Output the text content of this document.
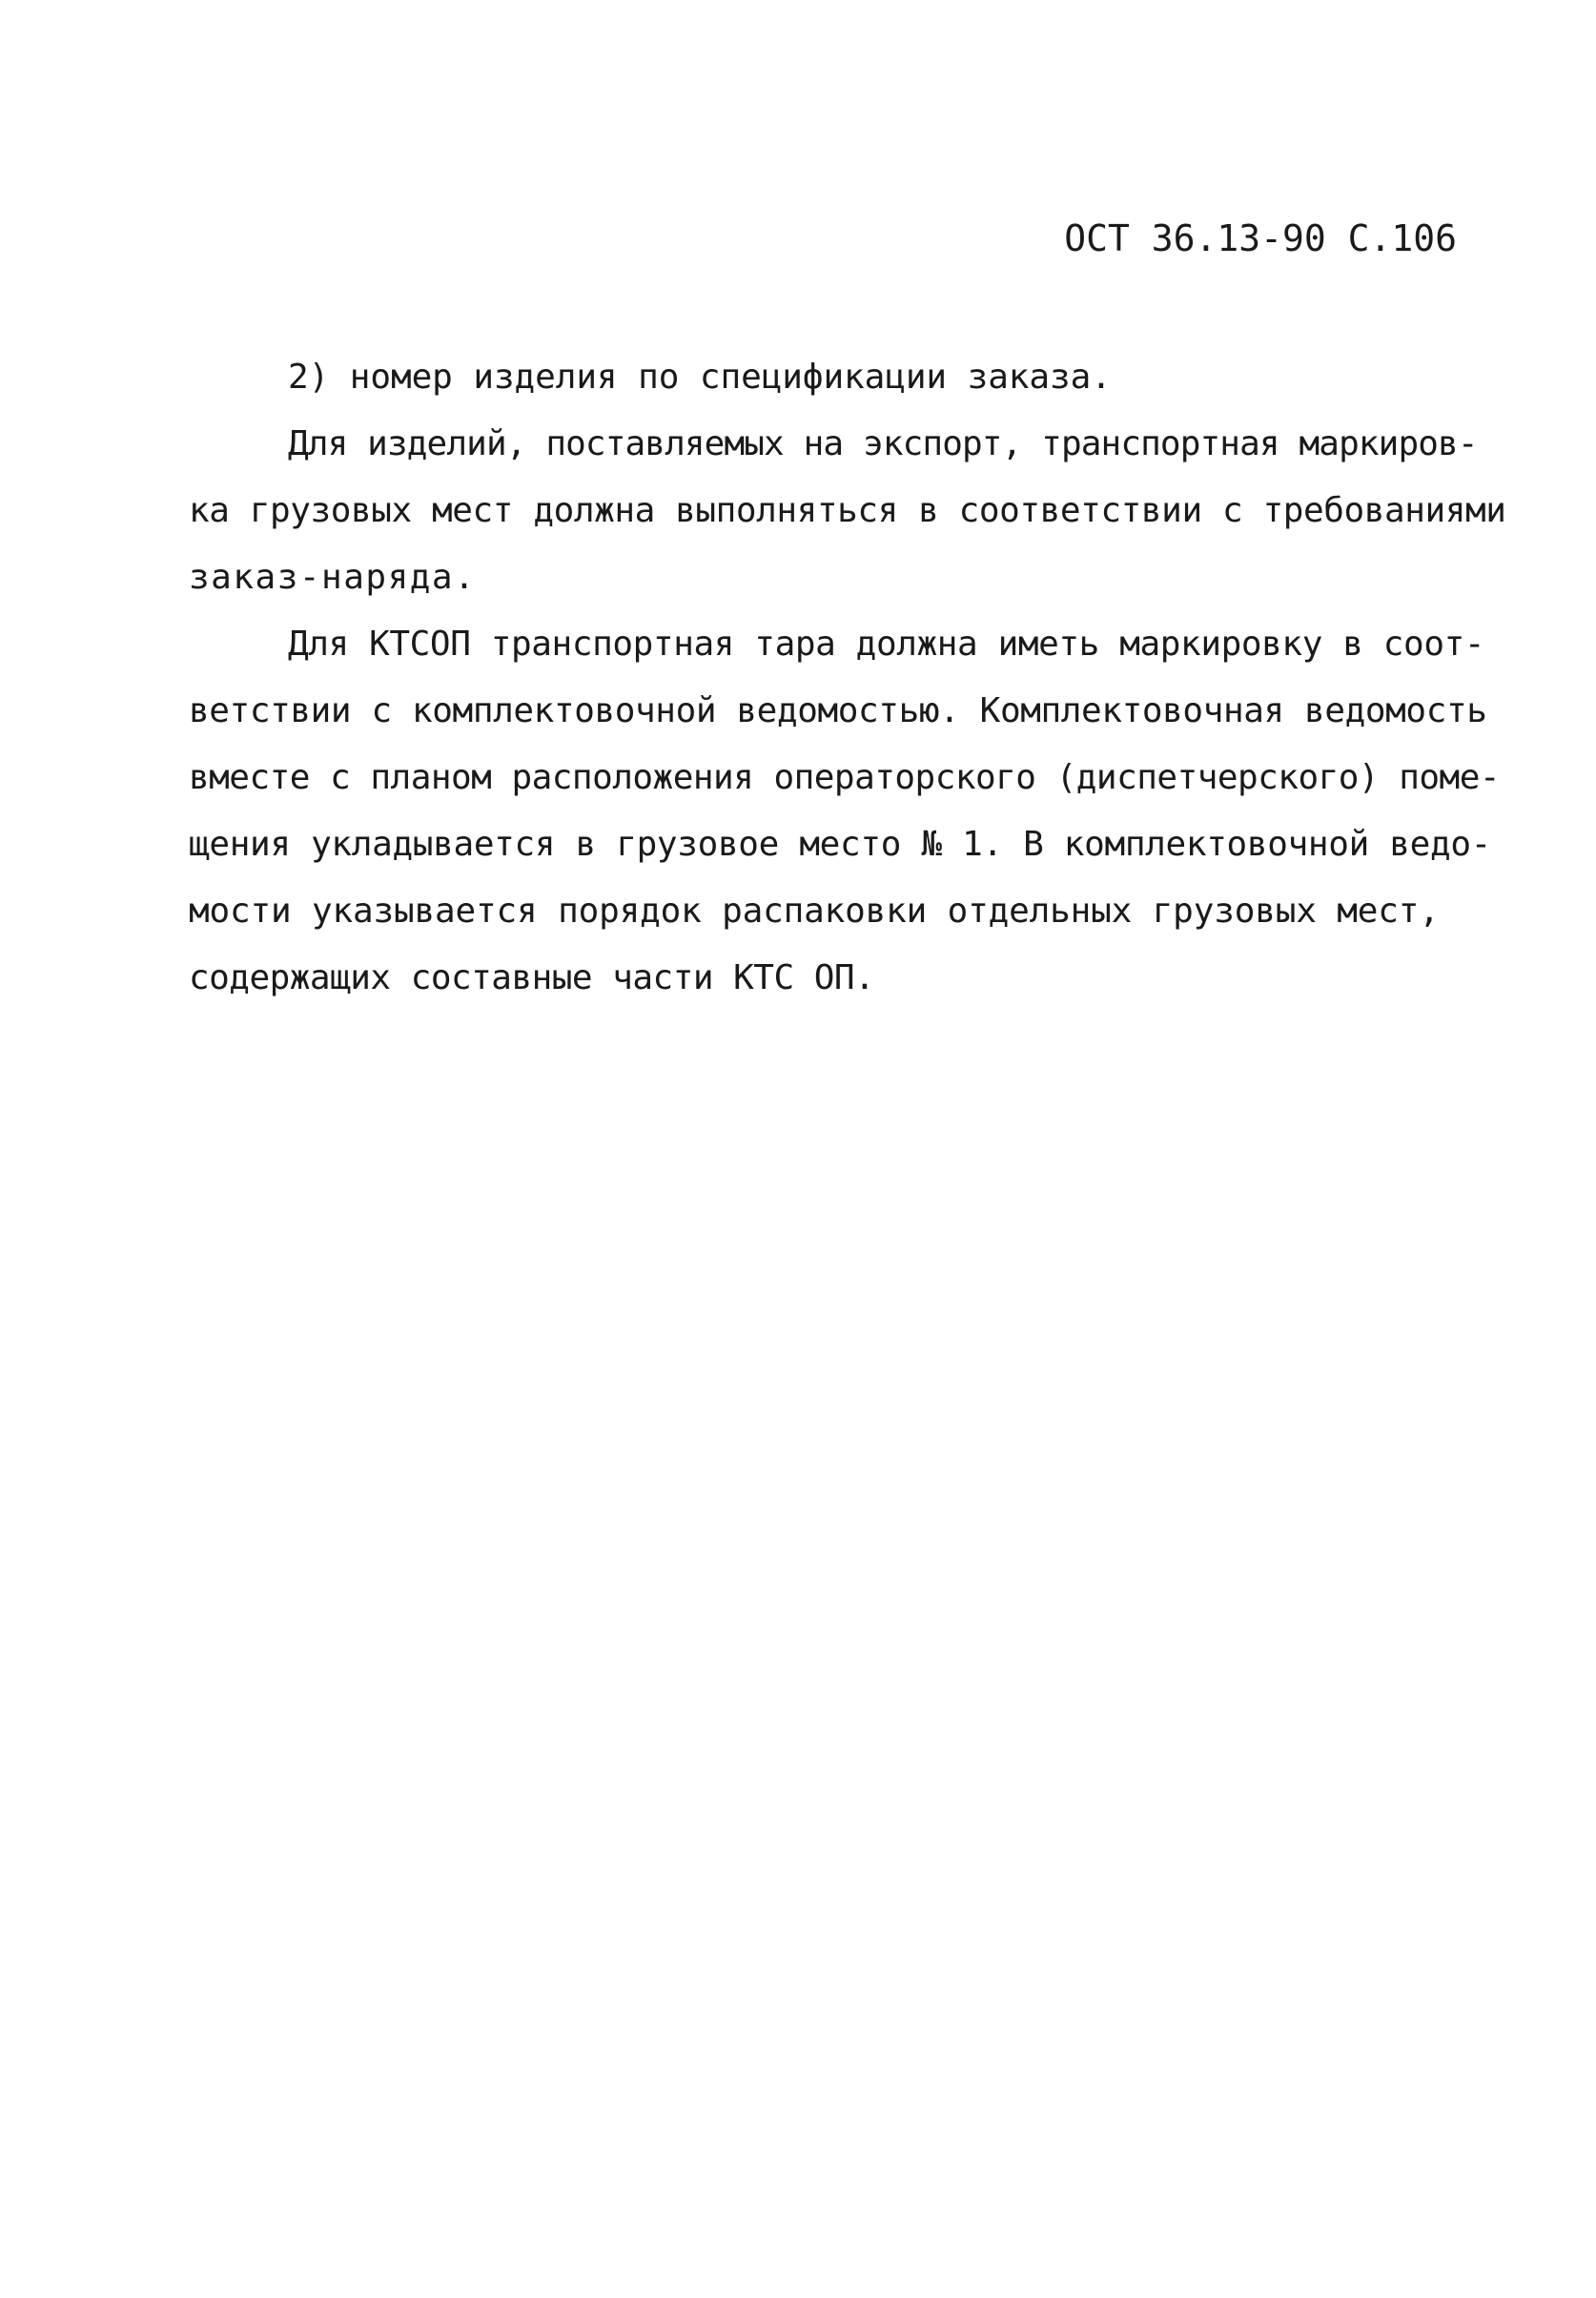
ОСТ 36.13-90 С.106
2) номер изделия по спецификации заказа.
Для изделий, поставляемых на экспорт, транспортная маркиров-
ка грузовых мест должна выполняться в соответствии с требованиями
заказ-наряда.
Для КТСОП транспортная тара должна иметь маркировку в соот-
ветствии с комплектовочной ведомостью. Комплектовочная ведомость
вместе с планом расположения операторского (диспетчерского) поме-
щения укладывается в грузовое место № 1. В комплектовочной ведо-
мости указывается порядок распаковки отдельных грузовых мест,
содержащих составные части КТС ОП.
